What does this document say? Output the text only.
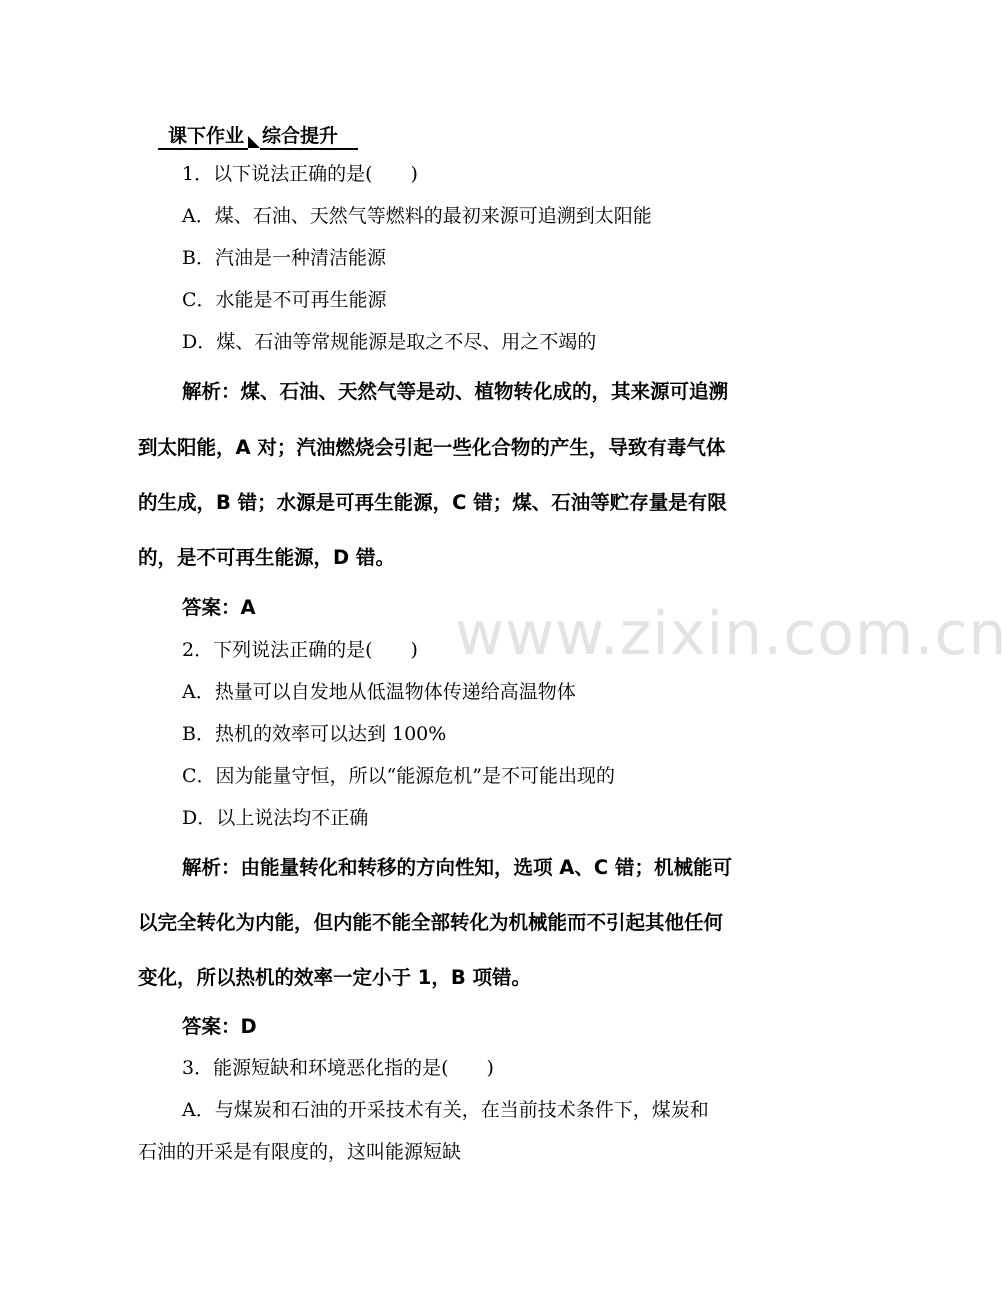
课下作业 综合提升
1．以下说法正确的是(　　)
A．煤、石油、天然气等燃料的最初来源可追溯到太阳能
B．汽油是一种清洁能源
C．水能是不可再生能源
D．煤、石油等常规能源是取之不尽、用之不竭的
解析：煤、石油、天然气等是动、植物转化成的，其来源可追溯
到太阳能，A 对；汽油燃烧会引起一些化合物的产生，导致有毒气体
的生成，B 错；水源是可再生能源，C 错；煤、石油等贮存量是有限
的，是不可再生能源，D 错。
答案：A
2．下列说法正确的是(　　)
A．热量可以自发地从低温物体传递给高温物体
B．热机的效率可以达到 100%
C．因为能量守恒，所以“能源危机”是不可能出现的
D．以上说法均不正确
解析：由能量转化和转移的方向性知，选项 A、C 错；机械能可
以完全转化为内能，但内能不能全部转化为机械能而不引起其他任何
变化，所以热机的效率一定小于 1，B 项错。
答案：D
3．能源短缺和环境恶化指的是(　　)
A．与煤炭和石油的开采技术有关，在当前技术条件下，煤炭和
石油的开采是有限度的，这叫能源短缺
www.zixin.com.cn
